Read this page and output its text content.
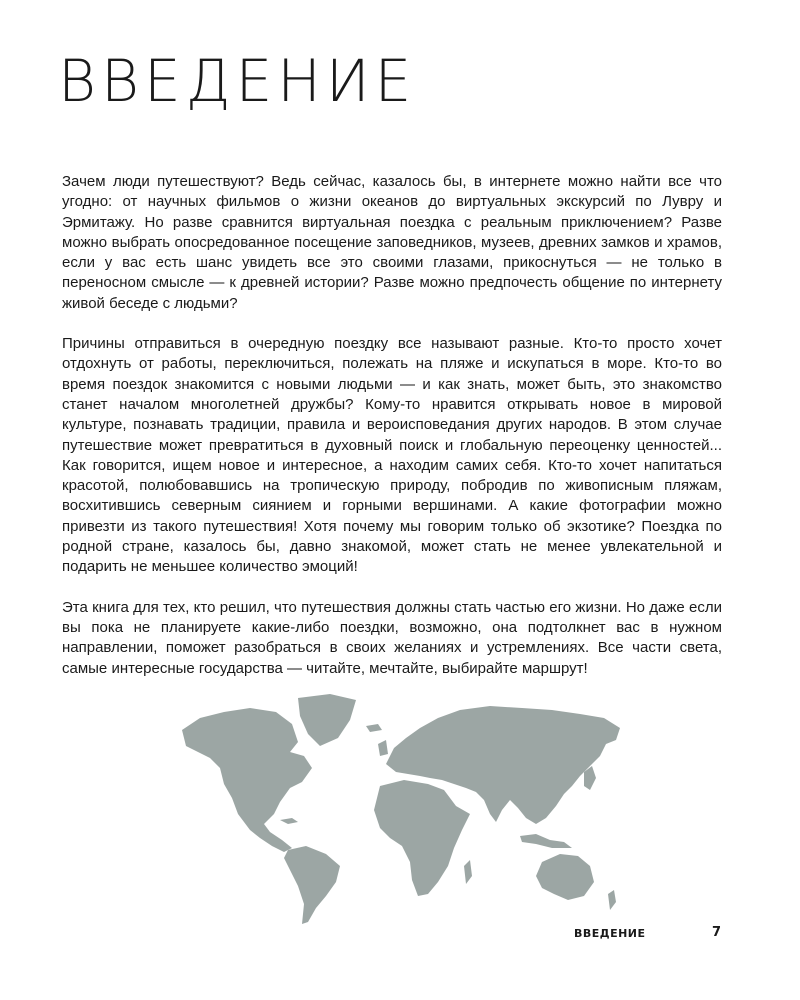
ВВЕДЕНИЕ

Зачем люди путешествуют? Ведь сейчас, казалось бы, в интернете можно найти все что угодно: от научных фильмов о жизни океанов до виртуальных экскурсий по Лувру и Эрмитажу. Но разве сравнится виртуальная поездка с реальным приключением? Разве можно выбрать опосредованное посещение заповедников, музеев, древних замков и храмов, если у вас есть шанс увидеть все это своими глазами, прикоснуться — не только в переносном смысле — к древней истории? Разве можно предпочесть общение по интернету живой беседе с людьми?

Причины отправиться в очередную поездку все называют разные. Кто-то просто хочет отдохнуть от работы, переключиться, полежать на пляже и искупаться в море. Кто-то во время поездок знакомится с новыми людьми — и как знать, может быть, это знакомство станет началом многолетней дружбы? Кому-то нравится открывать новое в мировой культуре, познавать традиции, правила и вероисповедания других народов. В этом случае путешествие может превратиться в духовный поиск и глобальную переоценку ценностей... Как говорится, ищем новое и интересное, а находим самих себя. Кто-то хочет напитаться красотой, полюбовавшись на тропическую природу, побродив по живописным пляжам, восхитившись северным сиянием и горными вершинами. А какие фотографии можно привезти из такого путешествия! Хотя почему мы говорим только об экзотике? Поездка по родной стране, казалось бы, давно знакомой, может стать не менее увлекательной и подарить не меньшее количество эмоций!

Эта книга для тех, кто решил, что путешествия должны стать частью его жизни. Но даже если вы пока не планируете какие-либо поездки, возможно, она подтолкнет вас в нужном направлении, поможет разобраться в своих желаниях и устремлениях. Все части света, самые интересные государства — читайте, мечтайте, выбирайте маршрут!

ВВЕДЕНИЕ	7
